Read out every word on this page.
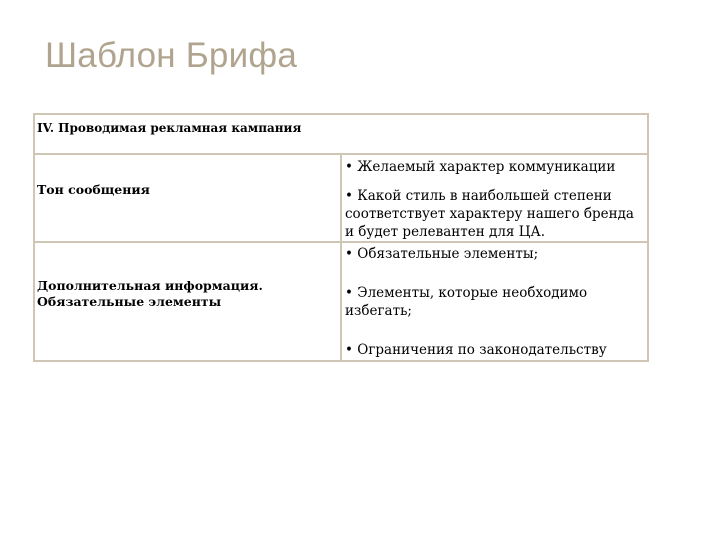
Шаблон Брифа
IV. Проводимая рекламная кампания	

Тон сообщения	• Желаемый характер коммуникации
• Какой стиль в наибольшей степени соответствует характеру нашего бренда и будет релевантен для ЦА.

Дополнительная информация. Обязательные элементы	• Обязательные элементы;
• Элементы, которые необходимо избегать;
• Ограничения по законодательству
